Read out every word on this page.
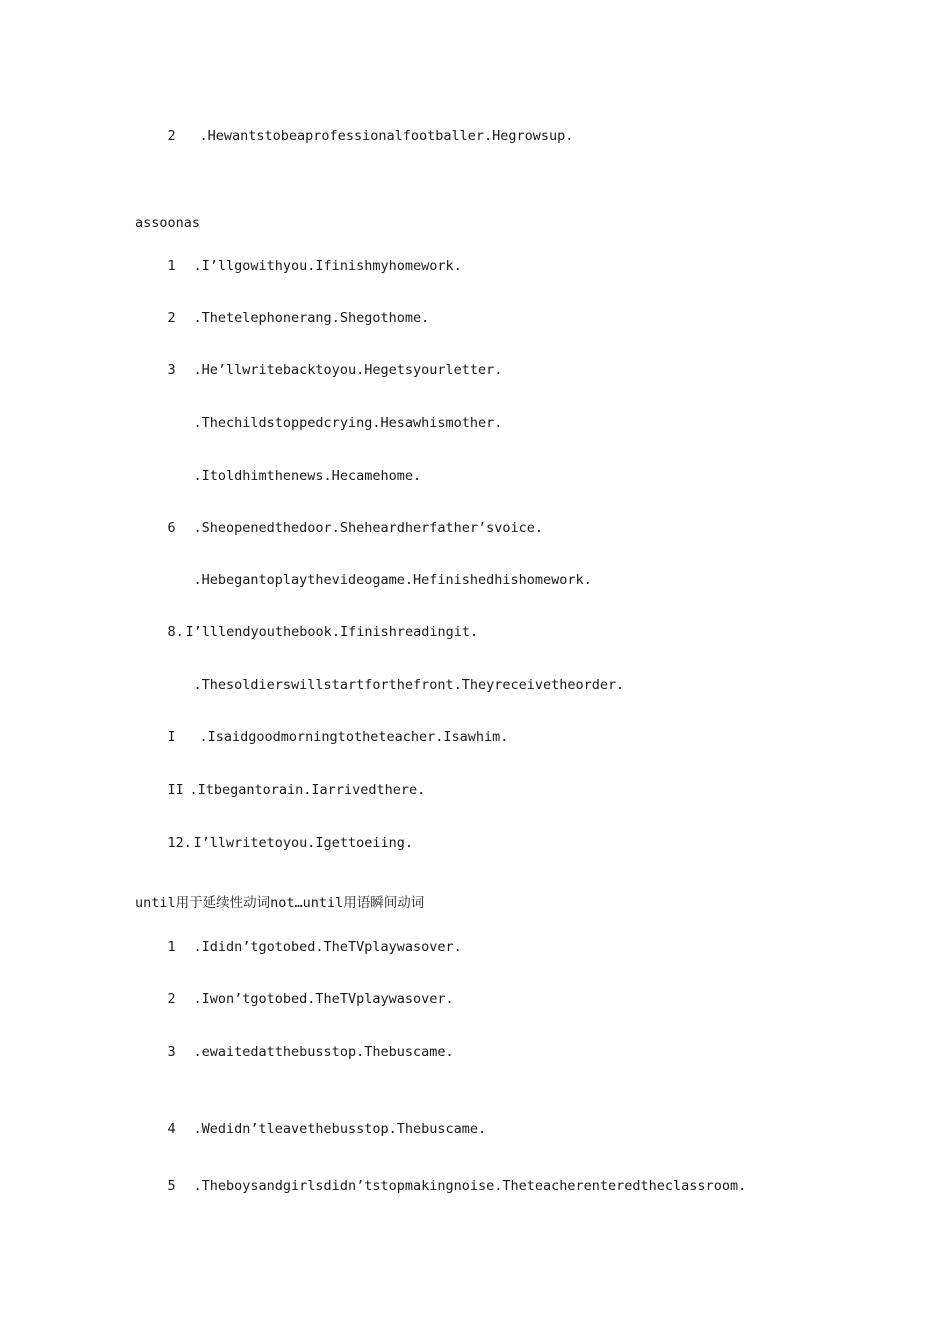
2 .Hewantstobeaprofessionalfootballer.Hegrowsup.

assoonas

1 .I’llgowithyou.Ifinishmyhomework.

2 .Thetelephonerang.Shegothome.

3 .He’llwritebacktoyou.Hegetsyourletter.

.Thechildstoppedcrying.Hesawhismother.

.Itoldhimthenews.Hecamehome.

6 .Sheopenedthedoor.Sheheardherfather’svoice.

.Hebegantoplaythevideogame.Hefinishedhishomework.

8. I’lllendyouthebook.Ifinishreadingit.

.Thesoldierswillstartforthefront.Theyreceivetheorder.

I .Isaidgoodmorningtotheteacher.Isawhim.

II .Itbegantorain.Iarrivedthere.

12. I’llwritetoyou.Igettoeiing.

until用于延续性动词not…until用语瞬间动词

1 .Ididn’tgotobed.TheTVplaywasover.

2 .Iwon’tgotobed.TheTVplaywasover.

3 .ewaitedatthebusstop.Thebuscame.

4 .Wedidn’tleavethebusstop.Thebuscame.

5 .Theboysandgirlsdidn’tstopmakingnoise.Theteacherenteredtheclassroom.
